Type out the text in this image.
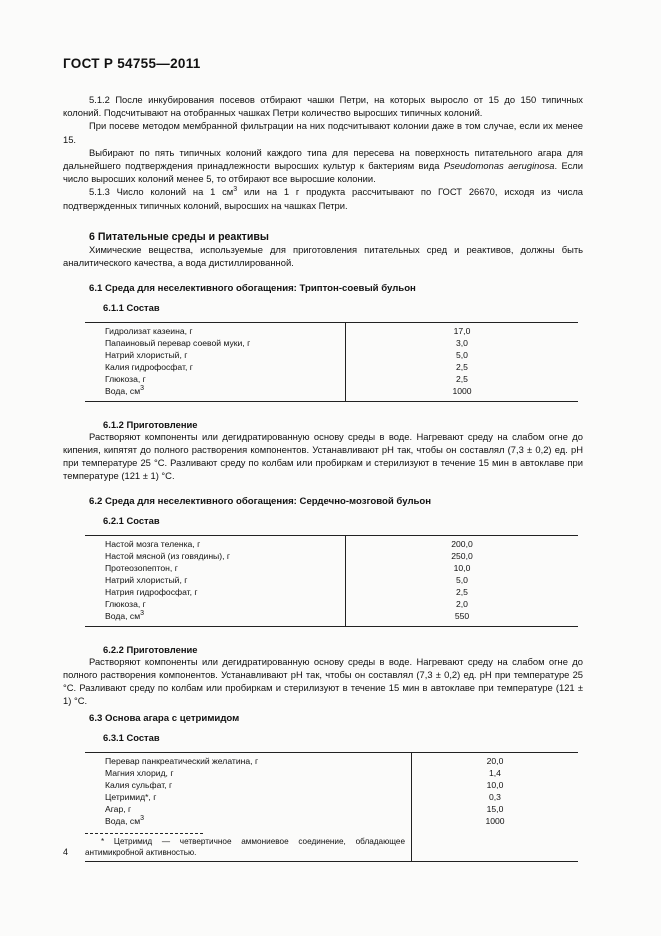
ГОСТ Р 54755—2011

5.1.2 После инкубирования посевов отбирают чашки Петри, на которых выросло от 15 до 150 типичных колоний. Подсчитывают на отобранных чашках Петри количество выросших типичных колоний.

При посеве методом мембранной фильтрации на них подсчитывают колонии даже в том случае, если их менее 15.

Выбирают по пять типичных колоний каждого типа для пересева на поверхность питательного агара для дальнейшего подтверждения принадлежности выросших культур к бактериям вида Pseudomonas aeruginosa. Если число выросших колоний менее 5, то отбирают все выросшие колонии.

5.1.3 Число колоний на 1 $см^3$ или на 1 г продукта рассчитывают по ГОСТ 26670, исходя из числа подтвержденных типичных колоний, выросших на чашках Петри.

6 Питательные среды и реактивы

Химические вещества, используемые для приготовления питательных сред и реактивов, должны быть аналитического качества, а вода дистиллированной.

6.1 Среда для неселективного обогащения: Триптон-соевый бульон
6.1.1 Состав
Гидролизат казеина, г	17,0
Папаиновый перевар соевой муки, г	3,0
Натрий хлористый, г	5,0
Калия гидрофосфат, г	2,5
Глюкоза, г	2,5
Вода, $см^3$	1000
6.1.2 Приготовление

Растворяют компоненты или дегидратированную основу среды в воде. Нагревают среду на слабом огне до кипения, кипятят до полного растворения компонентов. Устанавливают рН так, чтобы он составлял (7,3 ± 0,2) ед. рН при температуре 25 °С. Разливают среду по колбам или пробиркам и стерилизуют в течение 15 мин в автоклаве при температуре (121 ± 1) °С.

6.2 Среда для неселективного обогащения: Сердечно-мозговой бульон
6.2.1 Состав
Настой мозга теленка, г	200,0
Настой мясной (из говядины), г	250,0
Протеозопептон, г	10,0
Натрий хлористый, г	5,0
Натрия гидрофосфат, г	2,5
Глюкоза, г	2,0
Вода, $см^3$	550
6.2.2 Приготовление

Растворяют компоненты или дегидратированную основу среды в воде. Нагревают среду на слабом огне до полного растворения компонентов. Устанавливают рН так, чтобы он составлял (7,3 ± 0,2) ед. рН при температуре 25 °С. Разливают среду по колбам или пробиркам и стерилизуют в течение 15 мин в автоклаве при температуре (121 ± 1) °С.

6.3 Основа агара с цетримидом
6.3.1 Состав
Перевар панкреатический желатина, г	20,0
Магния хлорид, г	1,4
Калия сульфат, г	10,0
Цетримид*, г	0,3
Агар, г	15,0
Вода, $см^3$	1000

* Цетримид — четвертичное аммониевое соединение, обладающее антимикробной активностью.	

4
